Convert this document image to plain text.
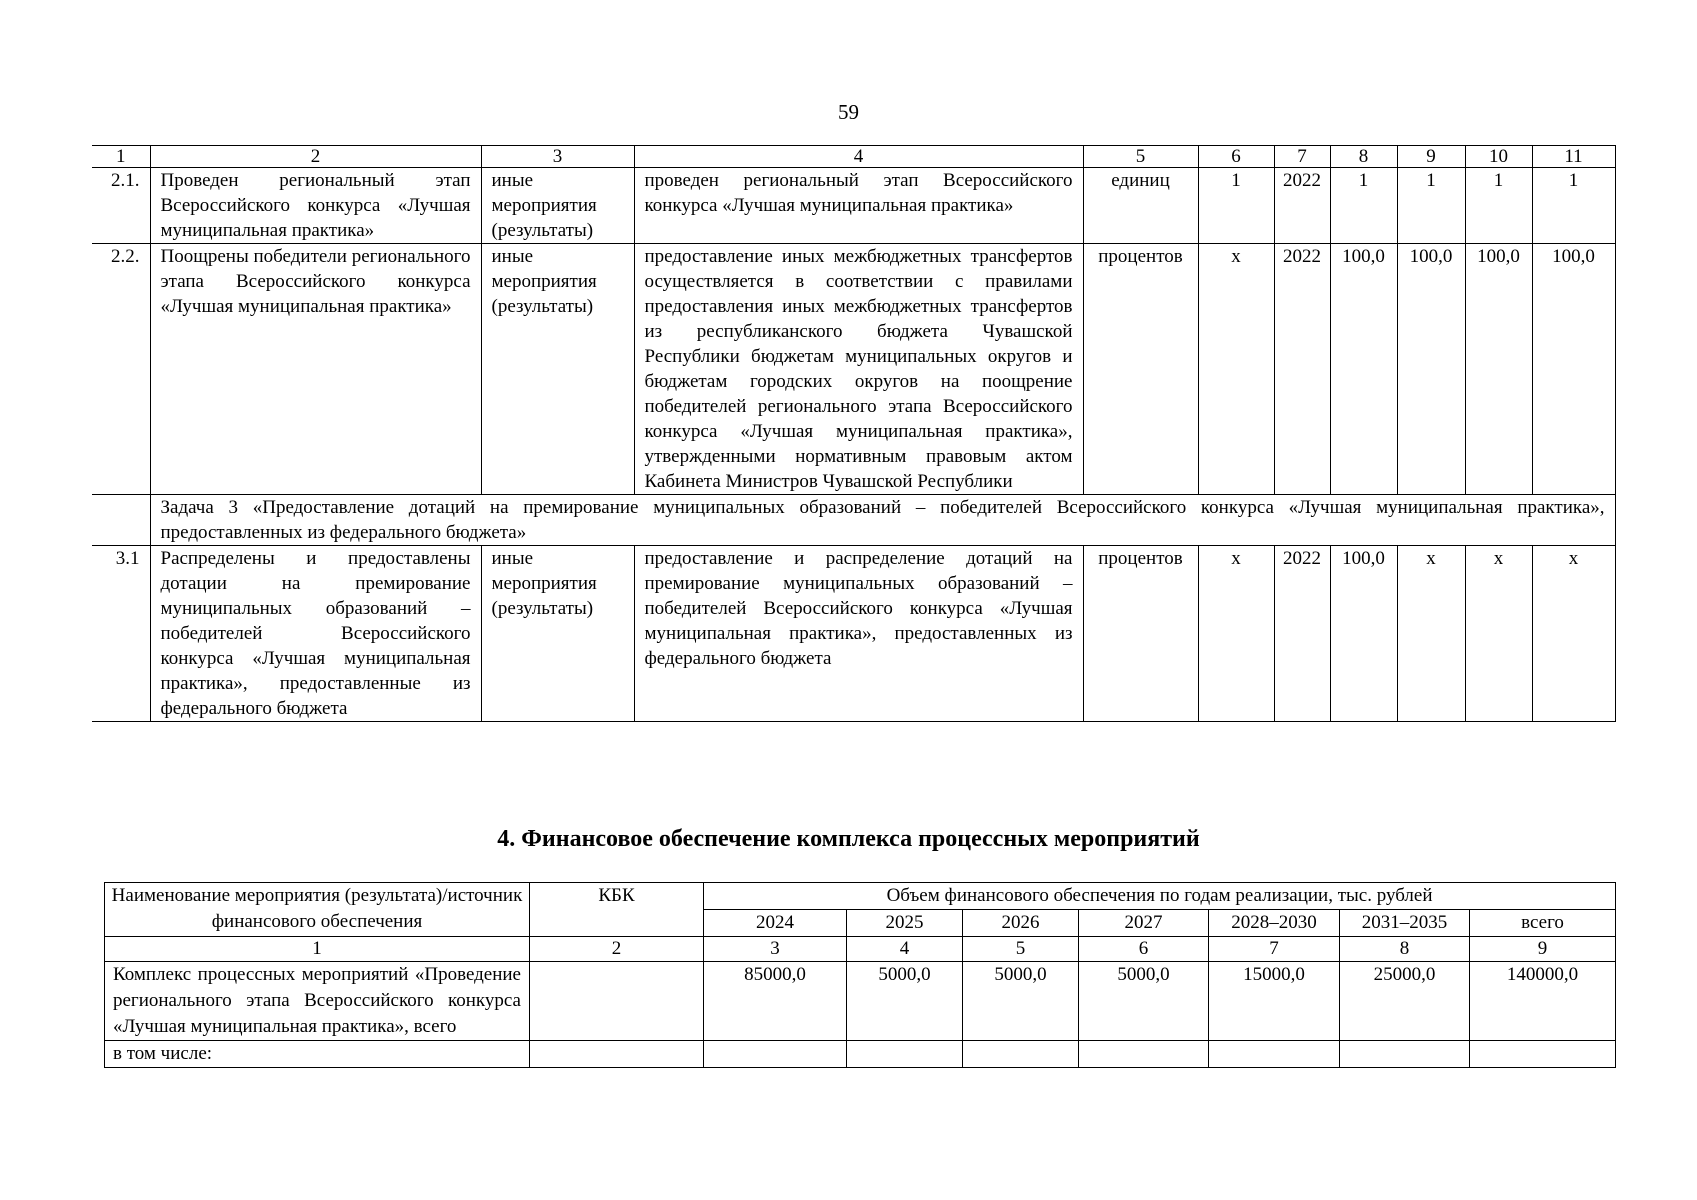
59
1	2	3	4	5	6	7	8	9	10	11
2.1.	Проведен региональный этап Всероссийского конкурса «Лучшая муниципальная практика»	иные мероприятия (результаты)	проведен региональный этап Всероссийского конкурса «Лучшая муниципальная практика»	единиц	1	2022	1	1	1	1
2.2.	Поощрены победители регионального этапа Всероссийского конкурса «Лучшая муниципальная практика»	иные мероприятия (результаты)	предоставление иных межбюджетных трансфертов осуществляется в соответствии с правилами предоставления иных межбюджетных трансфертов из республиканского бюджета Чувашской Республики бюджетам муниципальных округов и бюджетам городских округов на поощрение победителей регионального этапа Всероссийского конкурса «Лучшая муниципальная практика», утвержденными нормативным правовым актом Кабинета Министров Чувашской Республики	процентов	х	2022	100,0	100,0	100,0	100,0
	Задача 3 «Предоставление дотаций на премирование муниципальных образований – победителей Всероссийского конкурса «Лучшая муниципальная практика», предоставленных из федерального бюджета»									
3.1	Распределены и предоставлены дотации на премирование муниципальных образований – победителей Всероссийского конкурса «Лучшая муниципальная практика», предоставленные из федерального бюджета	иные мероприятия (результаты)	предоставление и распределение дотаций на премирование муниципальных образований – победителей Всероссийского конкурса «Лучшая муниципальная практика», предоставленных из федерального бюджета	процентов	х	2022	100,0	х	х	х
4. Финансовое обеспечение комплекса процессных мероприятий
Наименование мероприятия (результата)/источник финансового обеспечения	КБК	Объем финансового обеспечения по годам реализации, тыс. рублей						
		2024	2025	2026	2027	2028–2030	2031–2035	всего
1	2	3	4	5	6	7	8	9
Комплекс процессных мероприятий «Проведение регионального этапа Всероссийского конкурса «Лучшая муниципальная практика», всего		85000,0	5000,0	5000,0	5000,0	15000,0	25000,0	140000,0
в том числе:								
